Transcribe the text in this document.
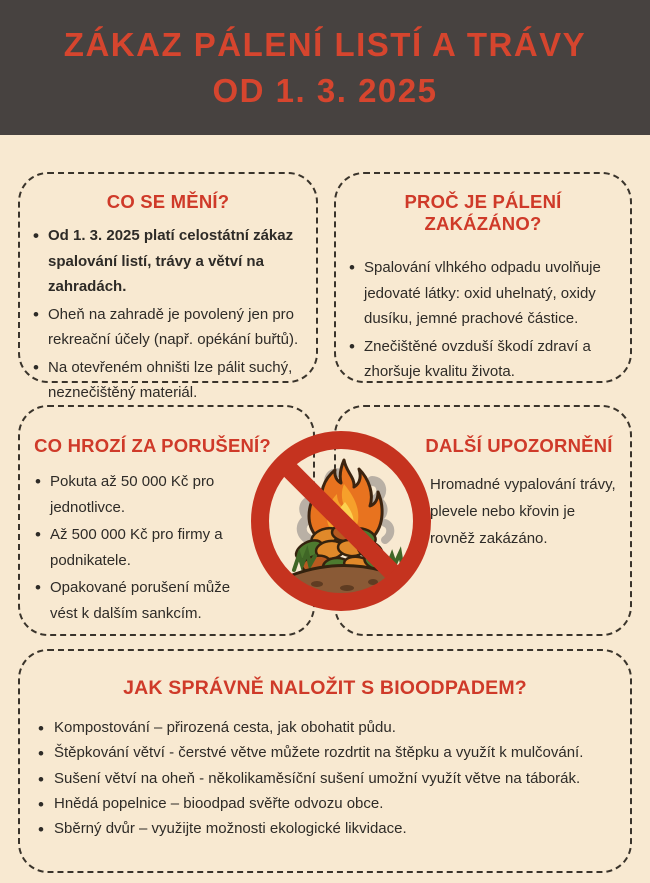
ZÁKAZ PÁLENÍ LISTÍ A TRÁVY
OD 1. 3. 2025
CO SE MĚNÍ?
• Od 1. 3. 2025 platí celostátní zákaz spalování listí, trávy a větví na zahradách.
• Oheň na zahradě je povolený jen pro rekreační účely (např. opékání buřtů).
• Na otevřeném ohništi lze pálit suchý, neznečištěný materiál.
PROČ JE PÁLENÍ ZAKÁZÁNO?
• Spalování vlhkého odpadu uvolňuje jedovaté látky: oxid uhelnatý, oxidy dusíku, jemné prachové částice.
• Znečištěné ovzduší škodí zdraví a zhoršuje kvalitu života.
CO HROZÍ ZA PORUŠENÍ?
• Pokuta až 50 000 Kč pro jednotlivce.
• Až 500 000 Kč pro firmy a podnikatele.
• Opakované porušení může vést k dalším sankcím.
DALŠÍ UPOZORNĚNÍ

Hromadné vypalování trávy, plevele nebo křovin je rovněž zakázáno.

JAK SPRÁVNĚ NALOŽIT S BIOODPADEM?
• Kompostování – přirozená cesta, jak obohatit půdu.
• Štěpkování větví - čerstvé větve můžete rozdrtit na štěpku a využít k mulčování.
• Sušení větví na oheň - několikaměsíční sušení umožní využít větve na táborák.
• Hnědá popelnice – bioodpad svěřte odvozu obce.
• Sběrný dvůr – využijte možnosti ekologické likvidace.
